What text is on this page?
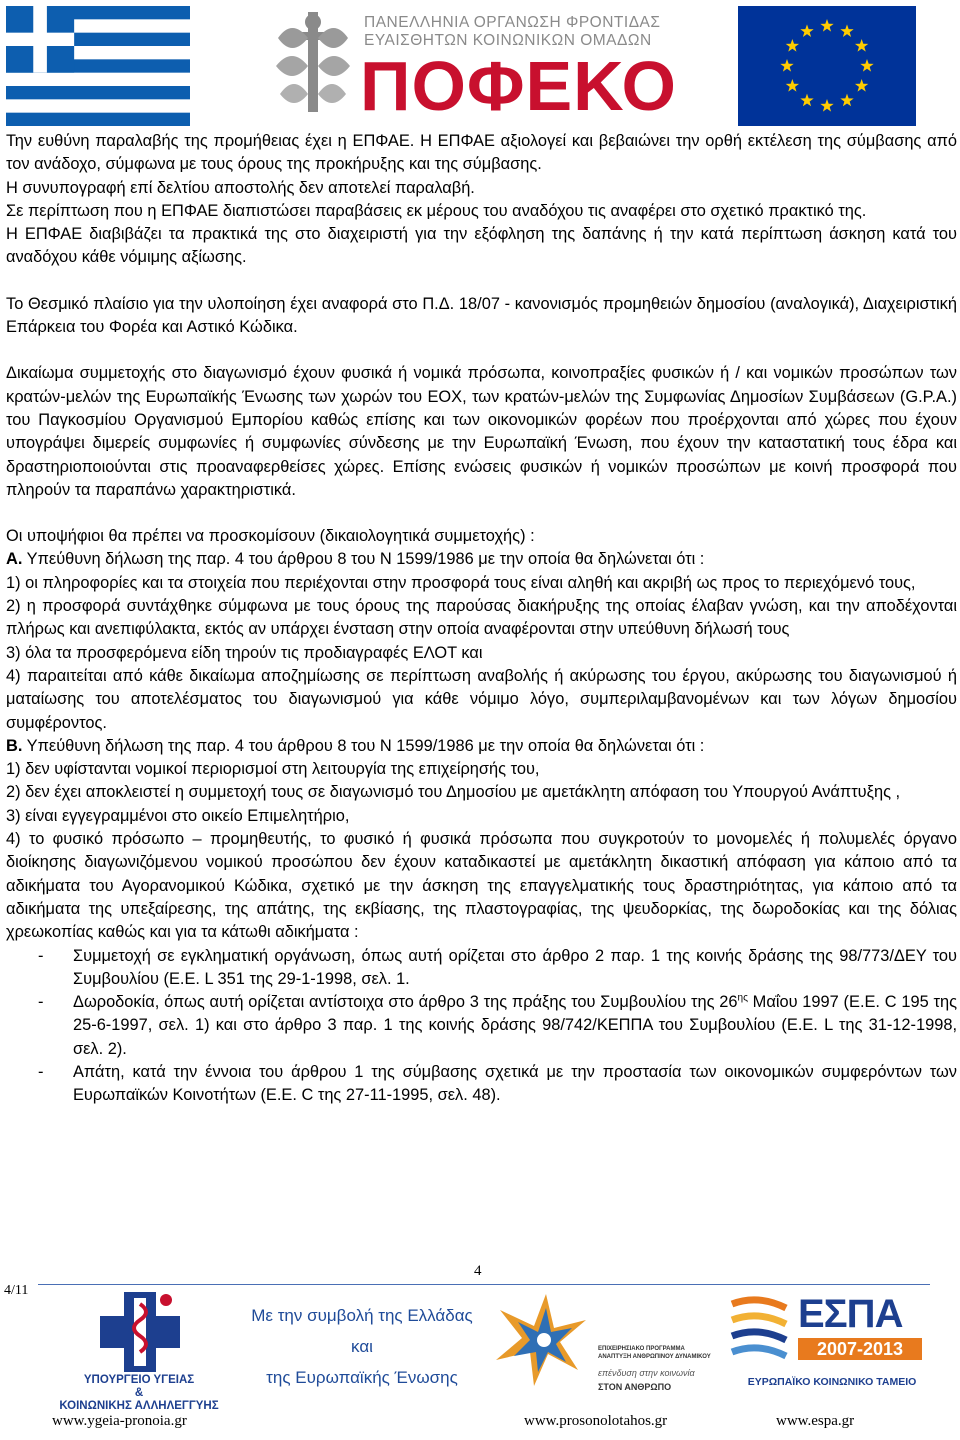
ΠΑΝΕΛΛΗΝΙΑ ΟΡΓΑΝΩΣΗ ΦΡΟΝΤΙΔΑΣ
ΕΥΑΙΣΘΗΤΩΝ ΚΟΙΝΩΝΙΚΩΝ ΟΜΑΔΩΝ
ΠΟΦΕΚΟ

Την ευθύνη παραλαβής της προμήθειας έχει η ΕΠΦΑΕ. Η ΕΠΦΑΕ αξιολογεί και βεβαιώνει την ορθή εκτέλεση της σύμβασης από τον ανάδοχο, σύμφωνα με τους όρους της προκήρυξης και της σύμβασης.

Η συνυπογραφή επί δελτίου αποστολής δεν αποτελεί παραλαβή.

Σε περίπτωση που η ΕΠΦΑΕ διαπιστώσει παραβάσεις εκ μέρους του αναδόχου τις αναφέρει στο σχετικό πρακτικό της.

Η ΕΠΦΑΕ διαβιβάζει τα πρακτικά της στο διαχειριστή για την εξόφληση της δαπάνης ή την κατά περίπτωση άσκηση κατά του αναδόχου κάθε νόμιμης αξίωσης.

Το Θεσμικό πλαίσιο για την υλοποίηση έχει αναφορά στο Π.Δ. 18/07 - κανονισμός προμηθειών δημοσίου (αναλογικά), Διαχειριστική Επάρκεια του Φορέα και Αστικό Κώδικα.

Δικαίωμα συμμετοχής στο διαγωνισμό έχουν φυσικά ή νομικά πρόσωπα, κοινοπραξίες φυσικών ή / και νομικών προσώπων των κρατών-μελών της Ευρωπαϊκής Ένωσης των χωρών του ΕΟΧ, των κρατών-μελών της Συμφωνίας Δημοσίων Συμβάσεων (G.P.A.) του Παγκοσμίου Οργανισμού Εμπορίου καθώς επίσης και των οικονομικών φορέων που προέρχονται από χώρες που έχουν υπογράψει διμερείς συμφωνίες ή συμφωνίες σύνδεσης με την Ευρωπαϊκή Ένωση, που έχουν την καταστατική τους έδρα και δραστηριοποιούνται στις προαναφερθείσες χώρες. Επίσης ενώσεις φυσικών ή νομικών προσώπων με κοινή προσφορά που πληρούν τα παραπάνω χαρακτηριστικά.

Οι υποψήφιοι θα πρέπει να προσκομίσουν (δικαιολογητικά συμμετοχής) :

Α. Υπεύθυνη δήλωση της παρ. 4 του άρθρου 8 του Ν 1599/1986 με την οποία θα δηλώνεται ότι :

1) οι πληροφορίες και τα στοιχεία που περιέχονται στην προσφορά τους είναι αληθή και ακριβή ως προς το περιεχόμενό τους,

2) η προσφορά συντάχθηκε σύμφωνα με τους όρους της παρούσας διακήρυξης της οποίας έλαβαν γνώση, και την αποδέχονται πλήρως και ανεπιφύλακτα, εκτός αν υπάρχει ένσταση στην οποία αναφέρονται στην υπεύθυνη δήλωσή τους

3) όλα τα προσφερόμενα είδη τηρούν τις προδιαγραφές ΕΛΟΤ και

4) παραιτείται από κάθε δικαίωμα αποζημίωσης σε περίπτωση αναβολής ή ακύρωσης του έργου, ακύρωσης του διαγωνισμού ή ματαίωσης του αποτελέσματος του διαγωνισμού για κάθε νόμιμο λόγο, συμπεριλαμβανομένων και των λόγων δημοσίου συμφέροντος.

Β. Υπεύθυνη δήλωση της παρ. 4 του άρθρου 8 του Ν 1599/1986 με την οποία θα δηλώνεται ότι :

1) δεν υφίστανται νομικοί περιορισμοί στη λειτουργία της επιχείρησής του,

2) δεν έχει αποκλειστεί η συμμετοχή τους σε διαγωνισμό του Δημοσίου με αμετάκλητη απόφαση του Υπουργού Ανάπτυξης ,

3) είναι εγγεγραμμένοι στο οικείο Επιμελητήριο,

4) το φυσικό πρόσωπο – προμηθευτής, το φυσικό ή φυσικά πρόσωπα που συγκροτούν το μονομελές ή πολυμελές όργανο διοίκησης διαγωνιζόμενου νομικού προσώπου δεν έχουν καταδικαστεί με αμετάκλητη δικαστική απόφαση για κάποιο από τα αδικήματα του Αγορανομικού Κώδικα, σχετικό με την άσκηση της επαγγελματικής τους δραστηριότητας, για κάποιο από τα αδικήματα της υπεξαίρεσης, της απάτης, της εκβίασης, της πλαστογραφίας, της ψευδορκίας, της δωροδοκίας και της δόλιας χρεωκοπίας καθώς και για τα κάτωθι αδικήματα :

- Συμμετοχή σε εγκληματική οργάνωση, όπως αυτή ορίζεται στο άρθρο 2 παρ. 1 της κοινής δράσης της 98/773/ΔΕΥ του Συμβουλίου (Ε.Ε. L 351 της 29-1-1998, σελ. 1.
- Δωροδοκία, όπως αυτή ορίζεται αντίστοιχα στο άρθρο 3 της πράξης του Συμβουλίου της $26^{\eta\varsigma}$ Μαΐου 1997 (Ε.Ε. C 195 της 25-6-1997, σελ. 1) και στο άρθρο 3 παρ. 1 της κοινής δράσης 98/742/ΚΕΠΠΑ του Συμβουλίου (Ε.Ε. L της 31-12-1998, σελ. 2).
- Απάτη, κατά την έννοια του άρθρου 1 της σύμβασης σχετικά με την προστασία των οικονομικών συμφερόντων των Ευρωπαϊκών Κοινοτήτων (Ε.Ε. C της 27-11-1995, σελ. 48).
4
4/11
ΥΠΟΥΡΓΕΙΟ ΥΓΕΙΑΣ
&
ΚΟΙΝΩΝΙΚΗΣ ΑΛΛΗΛΕΓΓΥΗΣ
Με την συμβολή της Ελλάδας
και
της Ευρωπαϊκής Ένωσης
ΕΠΙΧΕΙΡΗΣΙΑΚΟ ΠΡΟΓΡΑΜΜΑ
ΑΝΑΠΤΥΞΗ ΑΝΘΡΩΠΙΝΟΥ ΔΥΝΑΜΙΚΟΥ
επένδυση στην κοινωνία
ΣΤΟΝ ΑΝΘΡΩΠΟ
ΕΣΠΑ
2007-2013
ΕΥΡΩΠΑΪΚΟ ΚΟΙΝΩΝΙΚΟ ΤΑΜΕΙΟ
www.ygeia-pronoia.gr	www.prosonolotahos.gr	www.espa.gr
